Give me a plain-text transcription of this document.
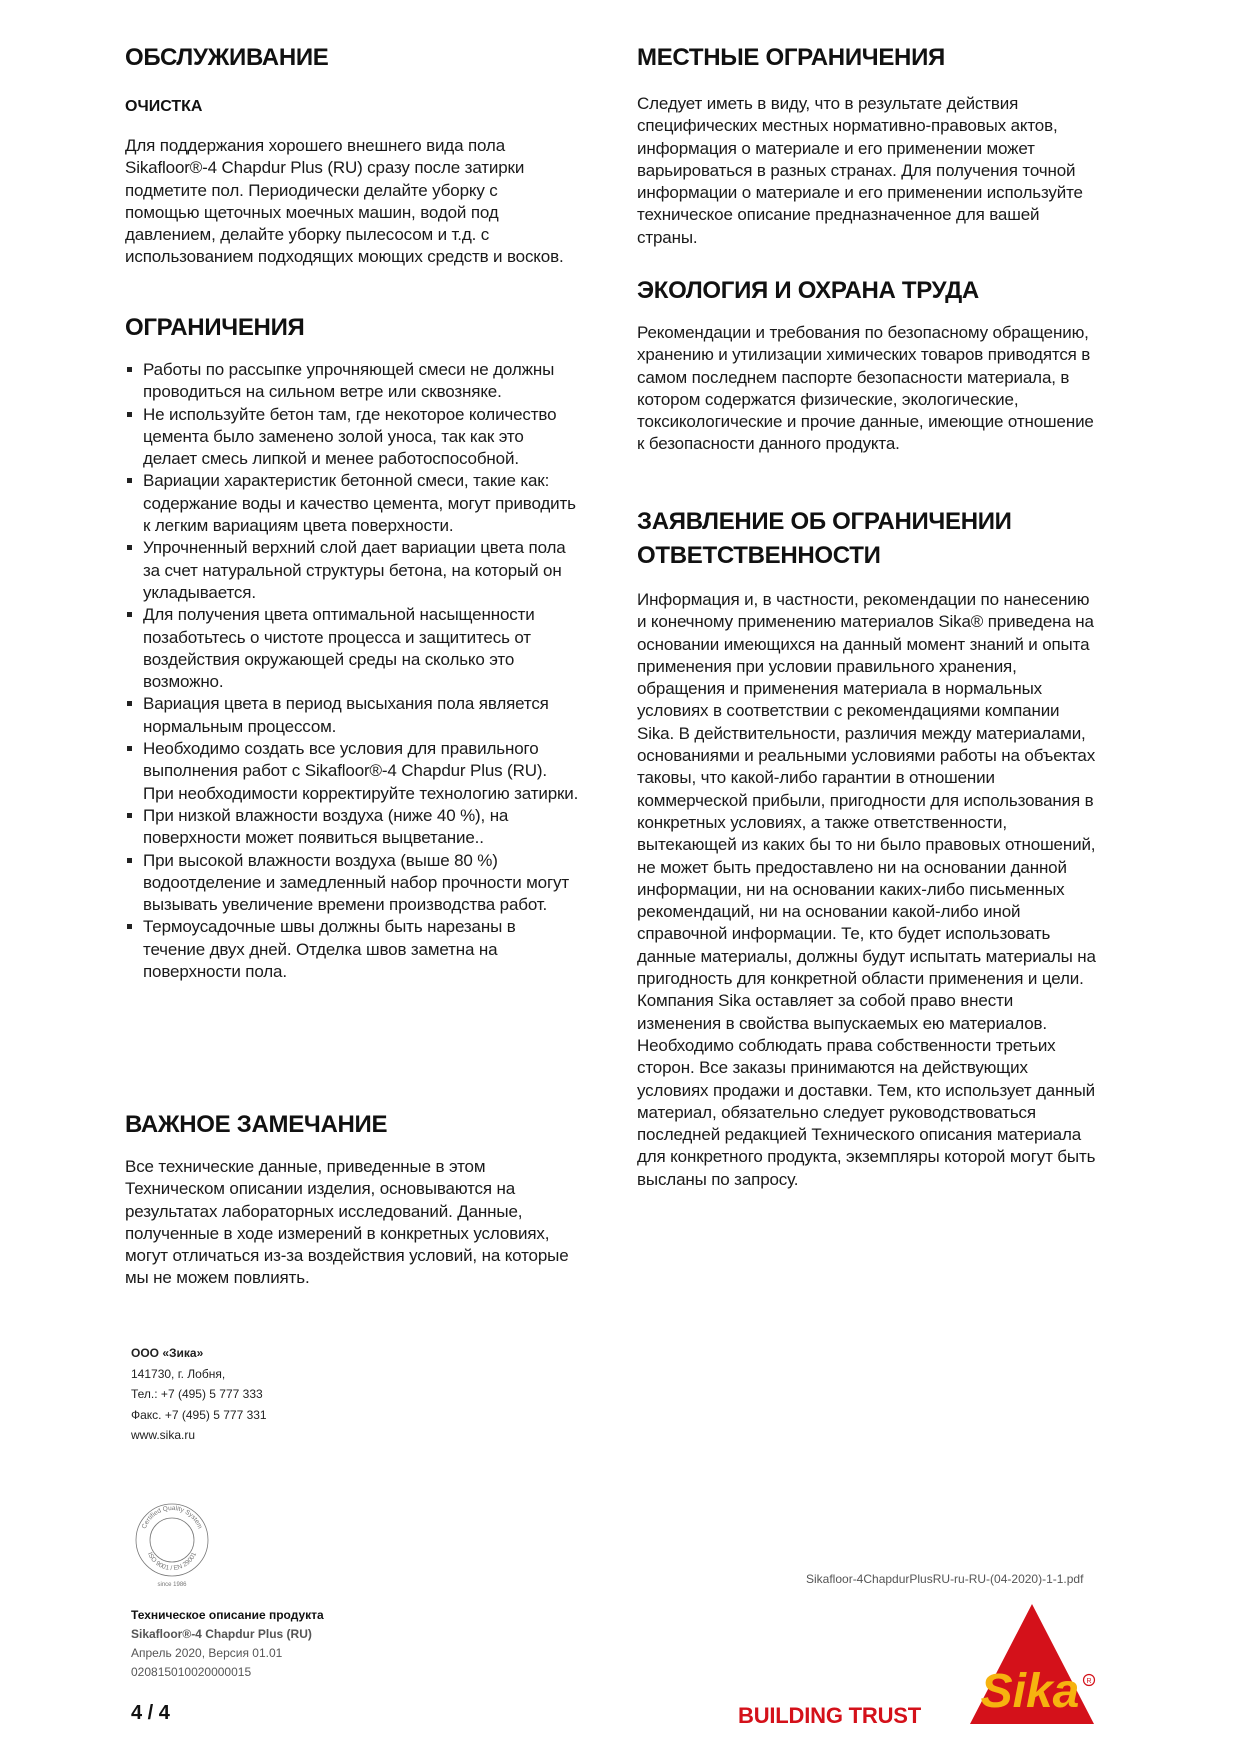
ОБСЛУЖИВАНИЕ
ОЧИСТКА

Для поддержания хорошего внешнего вида пола Sikafloor®-4 Chapdur Plus (RU) сразу после затирки подметите пол. Периодически делайте уборку с помощью щеточных моечных машин, водой под давлением, делайте уборку пылесосом и т.д. с использованием подходящих моющих средств и восков.

ОГРАНИЧЕНИЯ
Работы по рассыпке упрочняющей смеси не должны проводиться на сильном ветре или сквозняке.
Не используйте бетон там, где некоторое количество цемента было заменено золой уноса, так как это делает смесь липкой и менее работоспособной.
Вариации характеристик бетонной смеси, такие как: содержание воды и качество цемента, могут приводить к легким вариациям цвета поверхности.
Упрочненный верхний слой дает вариации цвета пола за счет натуральной структуры бетона, на который он укладывается.
Для получения цвета оптимальной насыщенности позаботьтесь о чистоте процесса и защититесь от воздействия окружающей среды на сколько это возможно.
Вариация цвета в период высыхания пола является нормальным процессом.
Необходимо создать все условия для правильного выполнения работ с Sikafloor®-4 Chapdur Plus (RU). При необходимости корректируйте технологию затирки.
При низкой влажности воздуха (ниже 40 %), на поверхности может появиться выцветание..
При высокой влажности воздуха (выше 80 %) водоотделение и замедленный набор прочности могут вызывать увеличение времени производства работ.
Термоусадочные швы должны быть нарезаны в течение двух дней. Отделка швов заметна на поверхности пола.
ВАЖНОЕ ЗАМЕЧАНИЕ

Все технические данные, приведенные в этом Техническом описании изделия, основываются на результатах лабораторных исследований. Данные, полученные в ходе измерений в конкретных условиях, могут отличаться из-за воздействия условий, на которые мы не можем повлиять.

МЕСТНЫЕ ОГРАНИЧЕНИЯ

Следует иметь в виду, что в результате действия специфических местных нормативно-правовых актов, информация о материале и его применении может варьироваться в разных странах. Для получения точной информации о материале и его применении используйте техническое описание предназначенное для вашей страны.

ЭКОЛОГИЯ И ОХРАНА ТРУДА

Рекомендации и требования по безопасному обращению, хранению и утилизации химических товаров приводятся в самом последнем паспорте безопасности материала, в котором содержатся физические, экологические, токсикологические и прочие данные, имеющие отношение к безопасности данного продукта.

ЗАЯВЛЕНИЕ ОБ ОГРАНИЧЕНИИ ОТВЕТСТВЕННОСТИ

Информация и, в частности, рекомендации по нанесению и конечному применению материалов Sika® приведена на основании имеющихся на данный момент знаний и опыта применения при условии правильного хранения, обращения и применения материала в нормальных условиях в соответствии с рекомендациями компании Sika. В действительности, различия между материалами, основаниями и реальными условиями работы на объектах таковы, что какой-либо гарантии в отношении коммерческой прибыли, пригодности для использования в конкретных условиях, а также ответственности, вытекающей из каких бы то ни было правовых отношений, не может быть предоставлено ни на основании данной информации, ни на основании каких-либо письменных рекомендаций, ни на основании какой-либо иной справочной информации. Те, кто будет использовать данные материалы, должны будут испытать материалы на пригодность для конкретной области применения и цели. Компания Sika оставляет за собой право внести изменения в свойства выпускаемых ею материалов. Необходимо соблюдать права собственности третьих сторон. Все заказы принимаются на действующих условиях продажи и доставки. Тем, кто использует данный материал, обязательно следует руководствоваться последней редакцией Технического описания материала для конкретного продукта, экземпляры которой могут быть высланы по запросу.

ООО «Зика»
141730, г. Лобня,
Тел.: +7 (495) 5 777 333
Факс. +7 (495) 5 777 331
www.sika.ru
Certified Quality System
ISO 9001 / EN 29001
since 1986
Техническое описание продукта
Sikafloor®-4 Chapdur Plus (RU)
Апрель 2020, Версия 01.01
020815010020000015
4 / 4
Sikafloor-4ChapdurPlusRU-ru-RU-(04-2020)-1-1.pdf
BUILDING TRUST Sika R
